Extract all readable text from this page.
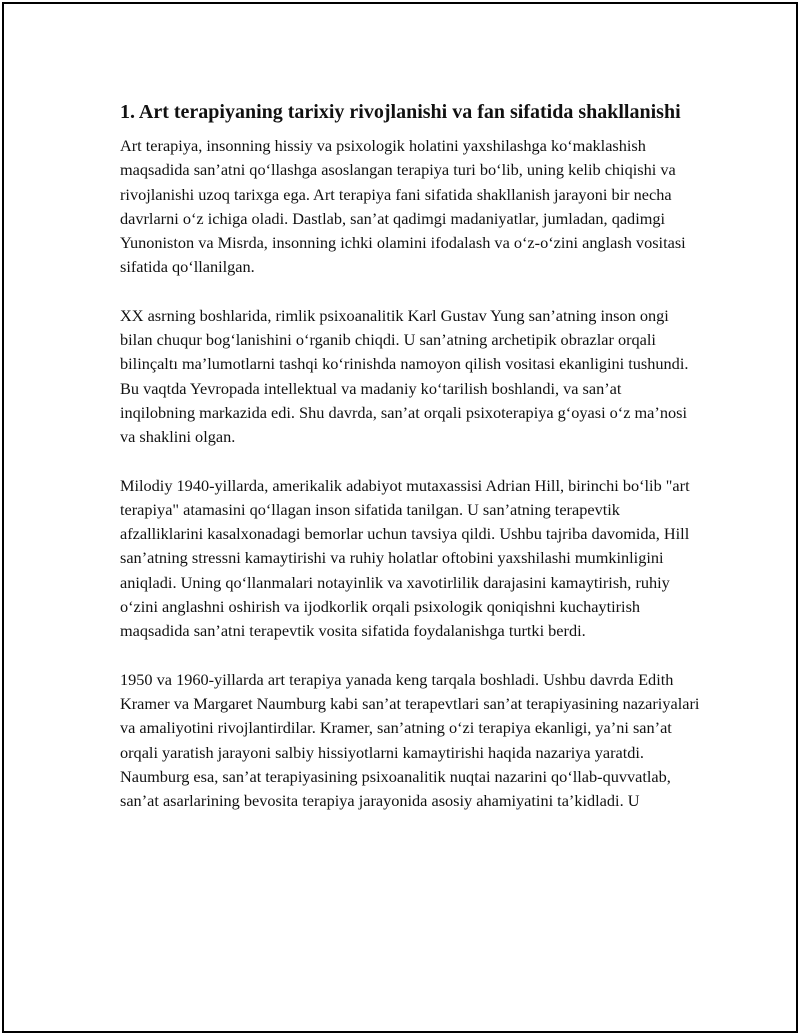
1. Art terapiyaning tarixiy rivojlanishi va fan sifatida shakllanishi

Art terapiya, insonning hissiy va psixologik holatini yaxshilashga ko‘maklashish maqsadida san’atni qo‘llashga asoslangan terapiya turi bo‘lib, uning kelib chiqishi va rivojlanishi uzoq tarixga ega. Art terapiya fani sifatida shakllanish jarayoni bir necha davrlarni o‘z ichiga oladi. Dastlab, san’at qadimgi madaniyatlar, jumladan, qadimgi Yunoniston va Misrda, insonning ichki olamini ifodalash va o‘z-o‘zini anglash vositasi sifatida qo‘llanilgan.

XX asrning boshlarida, rimlik psixoanalitik Karl Gustav Yung san’atning inson ongi bilan chuqur bog‘lanishini o‘rganib chiqdi. U san’atning archetipik obrazlar orqali bilinçaltı ma’lumotlarni tashqi ko‘rinishda namoyon qilish vositasi ekanligini tushundi. Bu vaqtda Yevropada intellektual va madaniy ko‘tarilish boshlandi, va san’at inqilobning markazida edi. Shu davrda, san’at orqali psixoterapiya g‘oyasi o‘z ma’nosi va shaklini olgan.

Milodiy 1940-yillarda, amerikalik adabiyot mutaxassisi Adrian Hill, birinchi bo‘lib "art terapiya" atamasini qo‘llagan inson sifatida tanilgan. U san’atning terapevtik afzalliklarini kasalxonadagi bemorlar uchun tavsiya qildi. Ushbu tajriba davomida, Hill san’atning stressni kamaytirishi va ruhiy holatlar oftobini yaxshilashi mumkinligini aniqladi. Uning qo‘llanmalari notayinlik va xavotirlilik darajasini kamaytirish, ruhiy o‘zini anglashni oshirish va ijodkorlik orqali psixologik qoniqishni kuchaytirish maqsadida san’atni terapevtik vosita sifatida foydalanishga turtki berdi.

1950 va 1960-yillarda art terapiya yanada keng tarqala boshladi. Ushbu davrda Edith Kramer va Margaret Naumburg kabi san’at terapevtlari san’at terapiyasining nazariyalari va amaliyotini rivojlantirdilar. Kramer, san’atning o‘zi terapiya ekanligi, ya’ni san’at orqali yaratish jarayoni salbiy hissiyotlarni kamaytirishi haqida nazariya yaratdi. Naumburg esa, san’at terapiyasining psixoanalitik nuqtai nazarini qo‘llab-quvvatlab, san’at asarlarining bevosita terapiya jarayonida asosiy ahamiyatini ta’kidladi. U
